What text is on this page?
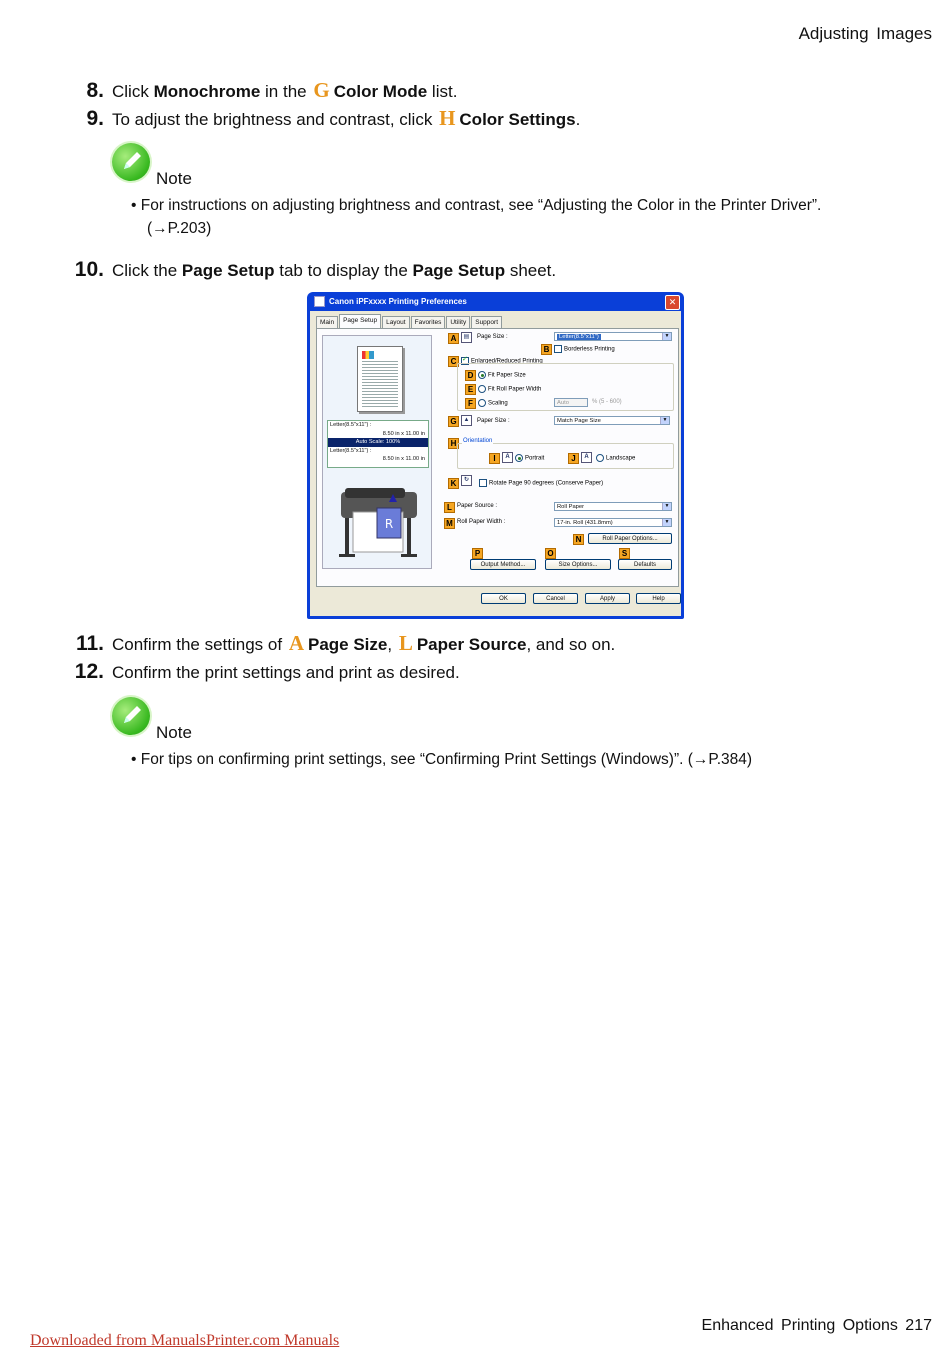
Adjusting Images
8. Click Monochrome in the G Color Mode list.
9. To adjust the brightness and contrast, click H Color Settings.
Note
• For instructions on adjusting brightness and contrast, see “Adjusting the Color in the Printer Driver”.
(→P.203)
10. Click the Page Setup tab to display the Page Setup sheet.
Canon iPFxxxx Printing Preferences	✕
Main	Page Setup	Layout	Favorites	Utility	Support
Letter(8.5"x11") :
8.50 in x 11.00 in
Auto Scale: 100%
Letter(8.5"x11") :
8.50 in x 11.00 in
R
A	▤	Page Size :	Letter(8.5"x11")	▼
B	Borderless Printing
C
✓	Enlarged/Reduced Printing
D	Fit Paper Size
E	Fit Roll Paper Width
F	Scaling	Auto	% (5 - 600)
G	▲	Paper Size :	Match Page Size	▼
H	Orientation
I	A	Portrait	J	A	Landscape
K	↻
Rotate Page 90 degrees (Conserve Paper)
L Paper Source :	Roll Paper	▼
M Roll Paper Width :	17-in. Roll (431.8mm)	▼
N	Roll Paper Options...
P	O	S
Output Method...	Size Options...	Defaults
OK	Cancel	Apply	Help
11. Confirm the settings of A Page Size, L Paper Source, and so on.
12. Confirm the print settings and print as desired.
Note
• For tips on confirming print settings, see “Confirming Print Settings (Windows)”. (→P.384)
Enhanced Printing Options 217
Downloaded from ManualsPrinter.com Manuals
